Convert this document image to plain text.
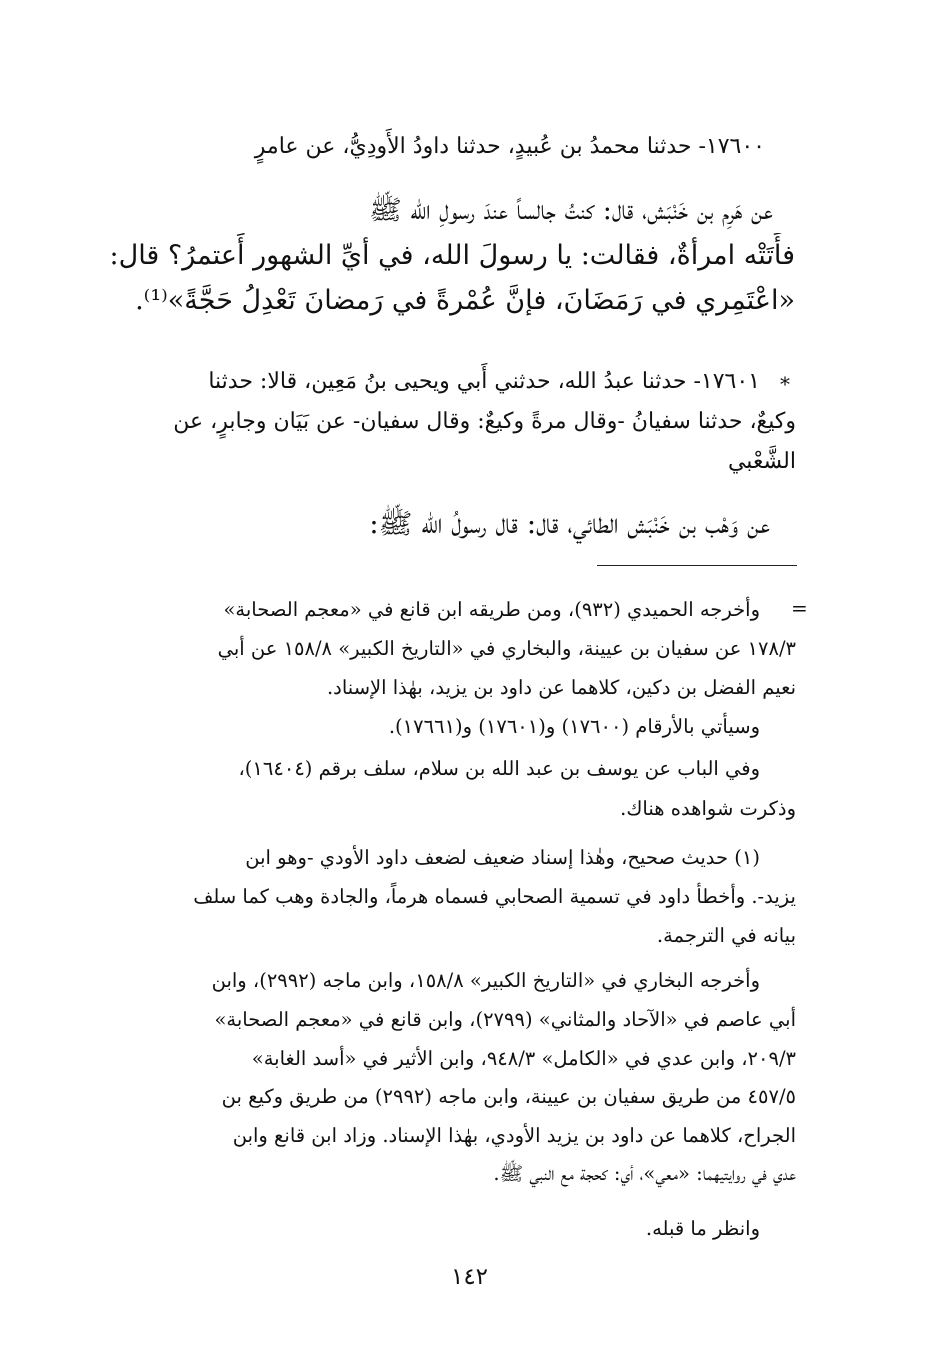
١٧٦٠٠- حدثنا محمدُ بن عُبيدٍ، حدثنا داودُ الأَودِيُّ، عن عامرٍ
عن هَرِم بن خَنْبَش، قال: كنتُ جالساً عندَ رسولِ الله ﷺ
فأَتَتْه امرأةٌ، فقالت: يا رسولَ الله، في أيِّ الشهور أَعتمرُ؟ قال:
«اعْتَمِري في رَمَضَانَ، فإنَّ عُمْرةً في رَمضانَ تَعْدِلُ حَجَّةً»⁽¹⁾.
*
١٧٦٠١- حدثنا عبدُ الله، حدثني أَبي ويحيى بنُ مَعِين، قالا: حدثنا
وكيعٌ، حدثنا سفيانُ -وقال مرةً وكيعٌ: وقال سفيان- عن بَيَان وجابرٍ، عن
الشَّعْبي
عن وَهْب بن خَنْبَش الطائي، قال: قال رسولُ الله ﷺ:
=
وأخرجه الحميدي (٩٣٢)، ومن طريقه ابن قانع في «معجم الصحابة»
١٧٨/٣ عن سفيان بن عيينة، والبخاري في «التاريخ الكبير» ١٥٨/٨ عن أبي
نعيم الفضل بن دكين، كلاهما عن داود بن يزيد، بهٰذا الإسناد.
وسيأتي بالأرقام (١٧٦٠٠) و(١٧٦٠١) و(١٧٦٦١).
وفي الباب عن يوسف بن عبد الله بن سلام، سلف برقم (١٦٤٠٤)،
وذكرت شواهده هناك.
(١) حديث صحيح، وهٰذا إسناد ضعيف لضعف داود الأودي -وهو ابن
يزيد-. وأخطأ داود في تسمية الصحابي فسماه هرماً، والجادة وهب كما سلف
بيانه في الترجمة.
وأخرجه البخاري في «التاريخ الكبير» ١٥٨/٨، وابن ماجه (٢٩٩٢)، وابن
أبي عاصم في «الآحاد والمثاني» (٢٧٩٩)، وابن قانع في «معجم الصحابة»
٢٠٩/٣، وابن عدي في «الكامل» ٩٤٨/٣، وابن الأثير في «أسد الغابة»
٤٥٧/٥ من طريق سفيان بن عيينة، وابن ماجه (٢٩٩٢) من طريق وكيع بن
الجراح، كلاهما عن داود بن يزيد الأودي، بهٰذا الإسناد. وزاد ابن قانع وابن
عدي في روايتيهما: «معي»، أي: كحجة مع النبي ﷺ.
وانظر ما قبله.
١٤٢
